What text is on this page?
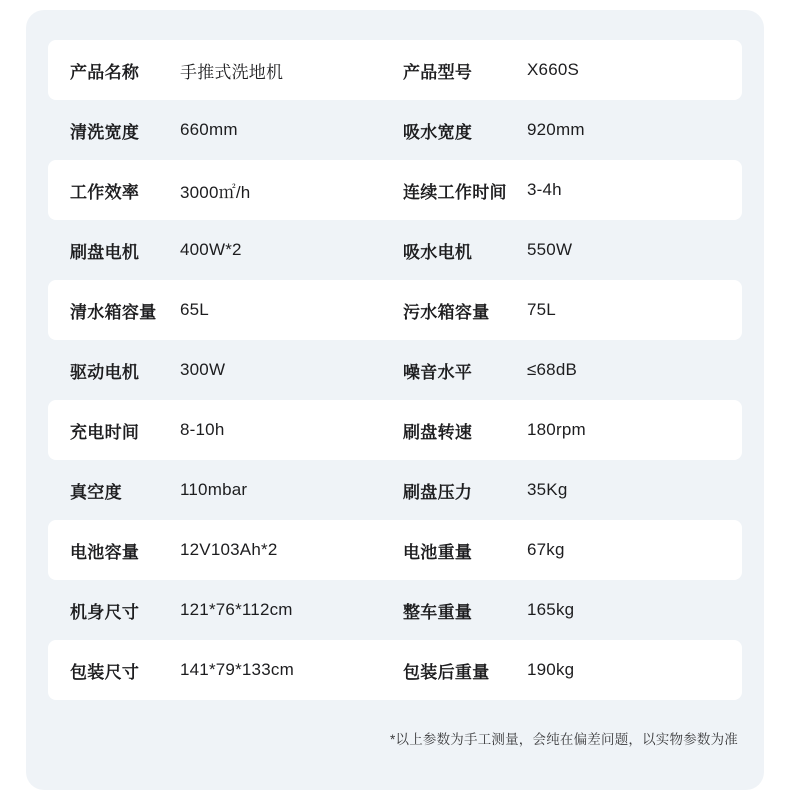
产品名称	手推式洗地机	产品型号	X660S
清洗宽度	660mm	吸水宽度	920mm
工作效率	3000㎡/h	连续工作时间	3-4h
刷盘电机	400W*2	吸水电机	550W
清水箱容量	65L	污水箱容量	75L
驱动电机	300W	噪音水平	≤68dB
充电时间	8-10h	刷盘转速	180rpm
真空度	110mbar	刷盘压力	35Kg
电池容量	12V103Ah*2	电池重量	67kg
机身尺寸	121*76*112cm	整车重量	165kg
包装尺寸	141*79*133cm	包装后重量	190kg
*以上参数为手工测量，会纯在偏差问题，以实物参数为准
